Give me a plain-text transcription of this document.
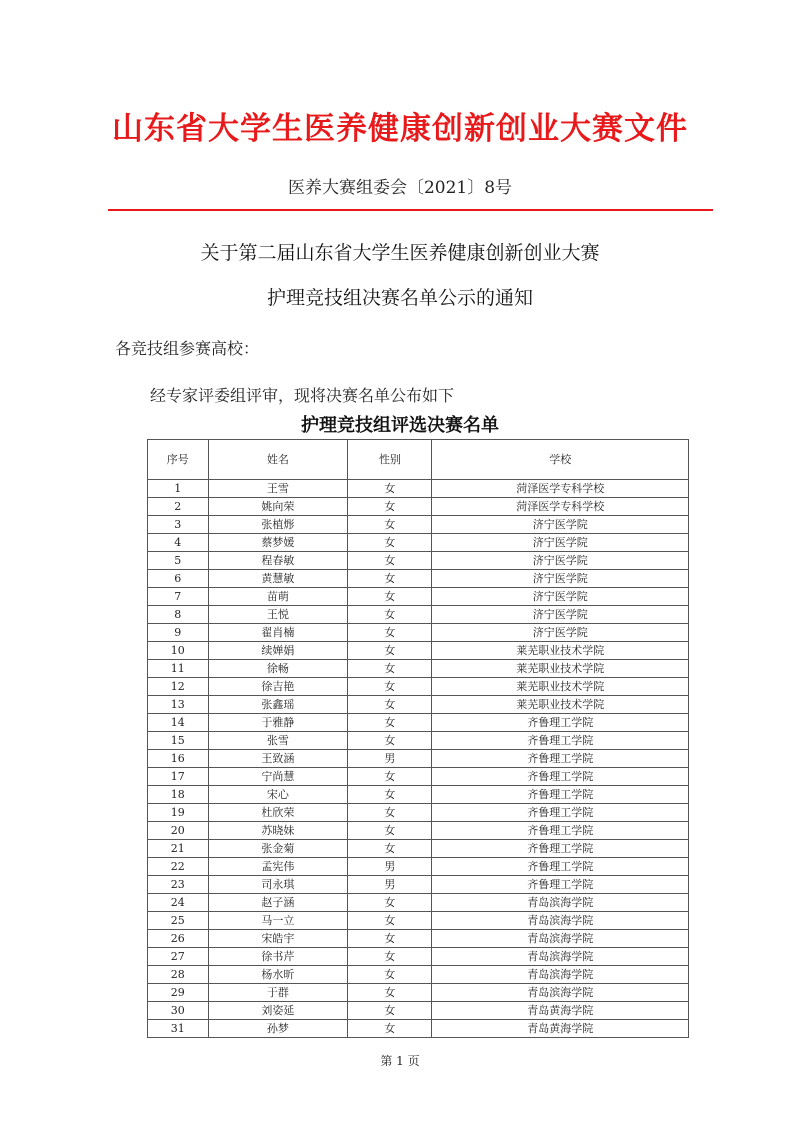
山东省大学生医养健康创新创业大赛文件
医养大赛组委会〔2021〕8号
关于第二届山东省大学生医养健康创新创业大赛
护理竞技组决赛名单公示的通知
各竞技组参赛高校：
经专家评委组评审，现将决赛名单公布如下
护理竞技组评选决赛名单
序号	姓名	性别	学校
1	王雪	女	菏泽医学专科学校
2	姚向荣	女	菏泽医学专科学校
3	张植烿	女	济宁医学院
4	蔡梦媛	女	济宁医学院
5	程春敏	女	济宁医学院
6	黄慧敏	女	济宁医学院
7	苗萌	女	济宁医学院
8	王悦	女	济宁医学院
9	翟肖楠	女	济宁医学院
10	续婵娟	女	莱芜职业技术学院
11	徐畅	女	莱芜职业技术学院
12	徐吉艳	女	莱芜职业技术学院
13	张鑫瑶	女	莱芜职业技术学院
14	于雅静	女	齐鲁理工学院
15	张雪	女	齐鲁理工学院
16	王致涵	男	齐鲁理工学院
17	宁尚慧	女	齐鲁理工学院
18	宋心	女	齐鲁理工学院
19	杜欣荣	女	齐鲁理工学院
20	苏晓妹	女	齐鲁理工学院
21	张金菊	女	齐鲁理工学院
22	孟宪伟	男	齐鲁理工学院
23	司永琪	男	齐鲁理工学院
24	赵子涵	女	青岛滨海学院
25	马一立	女	青岛滨海学院
26	宋皓宇	女	青岛滨海学院
27	徐书芹	女	青岛滨海学院
28	杨水昕	女	青岛滨海学院
29	于群	女	青岛滨海学院
30	刘姿延	女	青岛黄海学院
31	孙梦	女	青岛黄海学院
第 1 页
